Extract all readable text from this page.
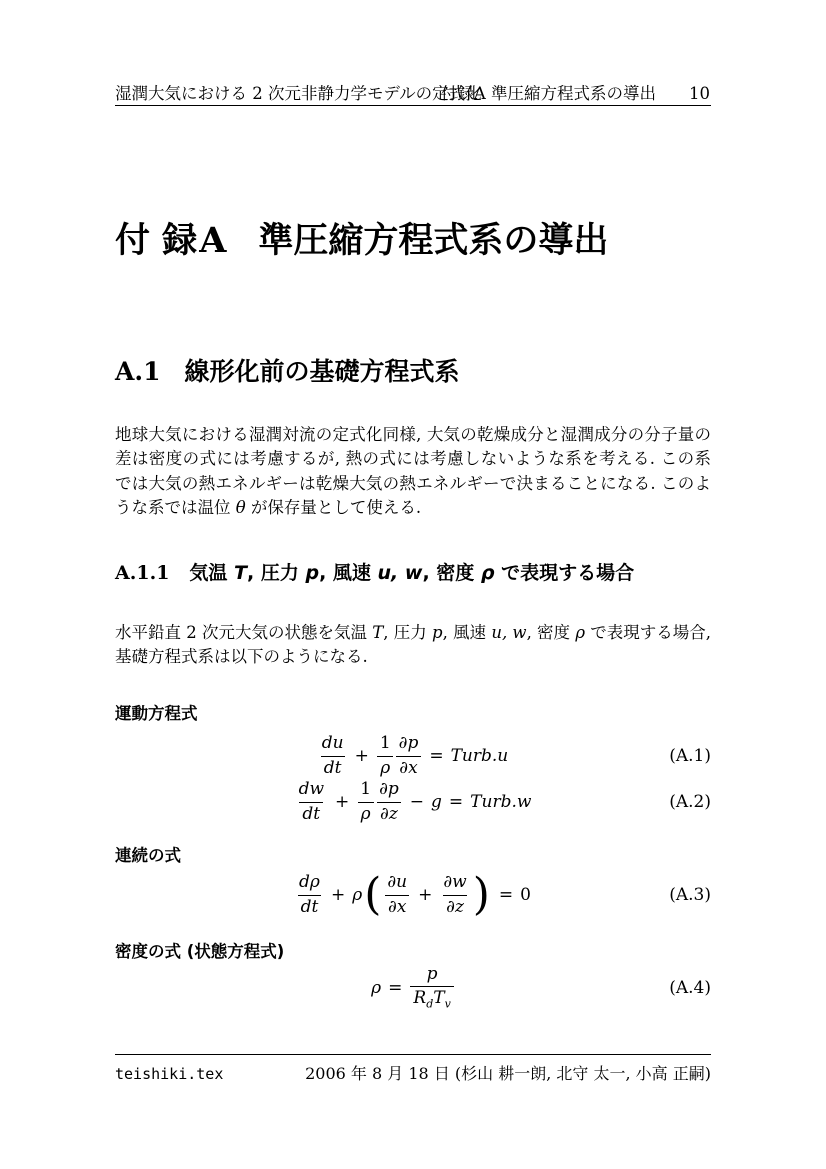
湿潤大気における 2 次元非静力学モデルの定式化
付録A 準圧縮方程式系の導出 10
付 録 A 準圧縮方程式系の導出
A.1 線形化前の基礎方程式系
地球大気における湿潤対流の定式化同様, 大気の乾燥成分と湿潤成分の分子量の差は密度の式には考慮するが, 熱の式には考慮しないような系を考える. この系では大気の熱エネルギーは乾燥大気の熱エネルギーで決まることになる. このような系では温位 θ が保存量として使える.
A.1.1 気温 T, 圧力 p, 風速 u, w, 密度 ρ で表現する場合
水平鉛直 2 次元大気の状態を気温 T, 圧力 p, 風速 u, w, 密度 ρ で表現する場合, 基礎方程式系は以下のようになる.
運動方程式
$\frac{du}{dt} + \frac{1}{\rho} \frac{\partial p}{\partial x}$ = Turb.u	(A.1)
$\frac{dw}{dt} + \frac{1}{\rho} \frac{\partial p}{\partial z} - g$ = Turb.w	(A.2)
連続の式
$\frac{d\rho}{dt} + \rho$ ( $\frac{\partial u}{\partial x} + \frac{\partial w}{\partial z}$ ) = 0	(A.3)
密度の式 (状態方程式)
$\rho = \frac{p}{R_dT_v}$	(A.4)
teishiki.tex	2006 年 8 月 18 日 (杉山 耕一朗, 北守 太一, 小高 正嗣)
